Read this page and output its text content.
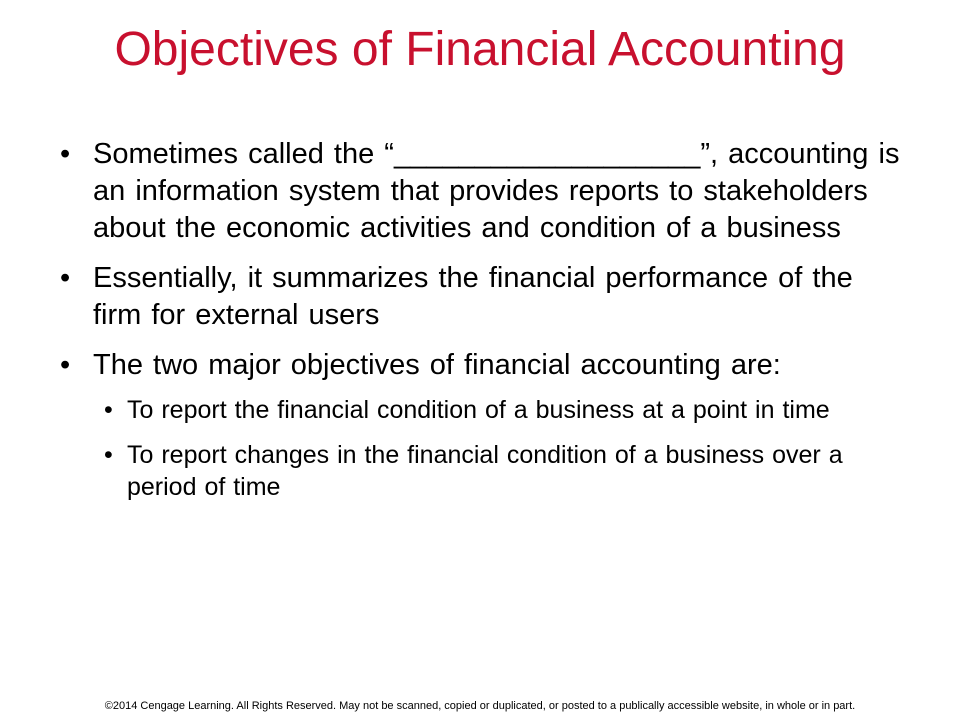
Objectives of Financial Accounting
• Sometimes called the “___________________”, accounting is an information system that provides reports to stakeholders about the economic activities and condition of a business
• Essentially, it summarizes the financial performance of the firm for external users
• The two major objectives of financial accounting are:
• To report the financial condition of a business at a point in time
• To report changes in the financial condition of a business over a period of time
©2014 Cengage Learning. All Rights Reserved. May not be scanned, copied or duplicated, or posted to a publically accessible website, in whole or in part.
